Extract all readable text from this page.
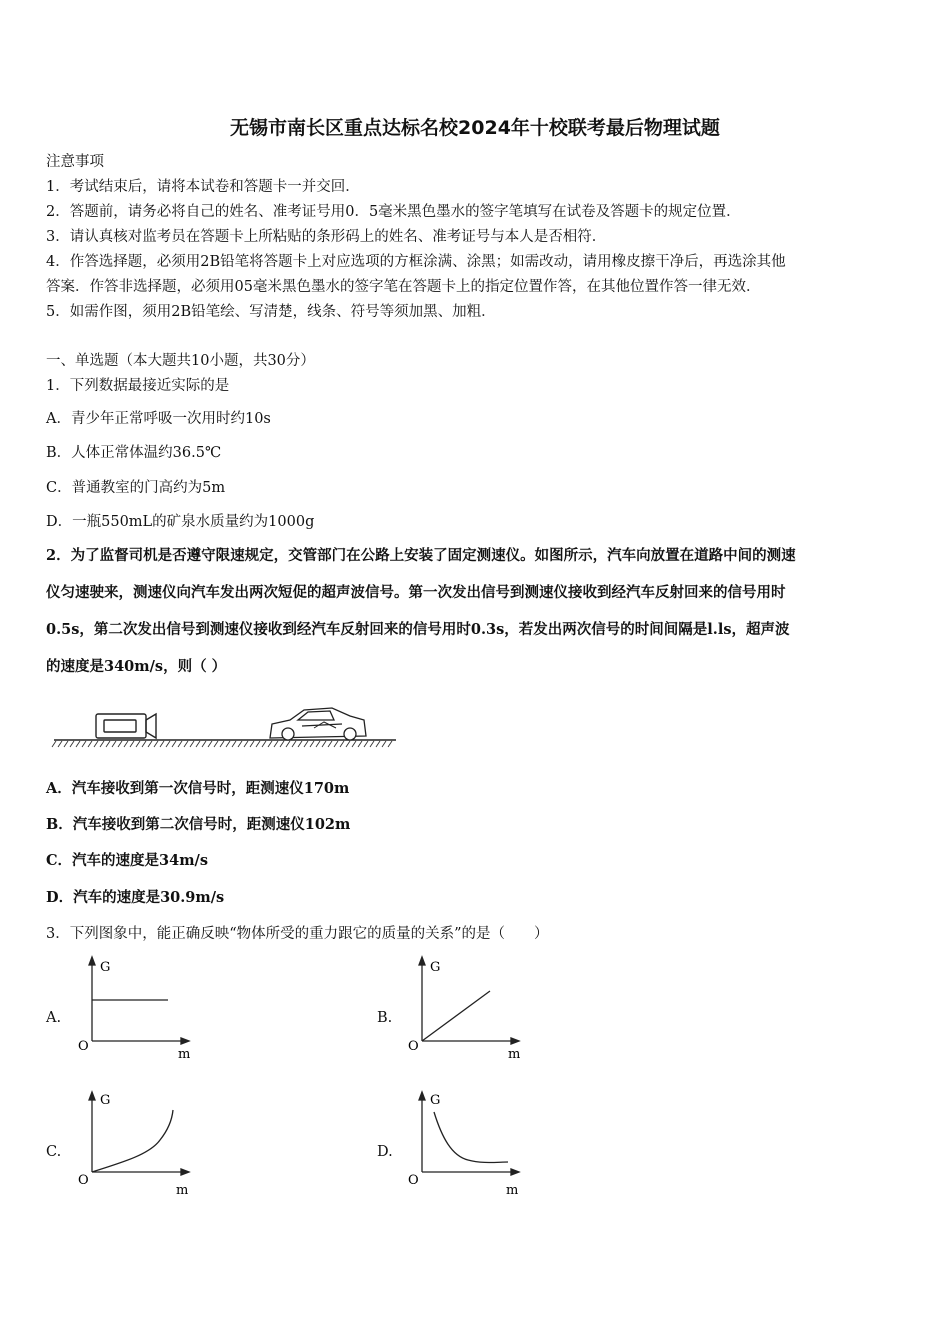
无锡市南长区重点达标名校2024年十校联考最后物理试题
注意事项
1．考试结束后，请将本试卷和答题卡一并交回．
2．答题前，请务必将自己的姓名、准考证号用0．5毫米黑色墨水的签字笔填写在试卷及答题卡的规定位置．
3．请认真核对监考员在答题卡上所粘贴的条形码上的姓名、准考证号与本人是否相符．
4．作答选择题，必须用2B铅笔将答题卡上对应选项的方框涂满、涂黑；如需改动，请用橡皮擦干净后，再选涂其他
答案．作答非选择题，必须用05毫米黑色墨水的签字笔在答题卡上的指定位置作答，在其他位置作答一律无效．
5．如需作图，须用2B铅笔绘、写清楚，线条、符号等须加黑、加粗．
一、单选题（本大题共10小题，共30分）
1．下列数据最接近实际的是
A．青少年正常呼吸一次用时约10s
B．人体正常体温约36.5℃
C．普通教室的门高约为5m
D．一瓶550mL的矿泉水质量约为1000g
2．为了监督司机是否遵守限速规定，交管部门在公路上安装了固定测速仪。如图所示，汽车向放置在道路中间的测速
仪匀速驶来，测速仪向汽车发出两次短促的超声波信号。第一次发出信号到测速仪接收到经汽车反射回来的信号用时
0.5s，第二次发出信号到测速仪接收到经汽车反射回来的信号用时0.3s，若发出两次信号的时间间隔是l.ls，超声波
的速度是340m/s，则（ ）
A．汽车接收到第一次信号时，距测速仪170m
B．汽车接收到第二次信号时，距测速仪102m
C．汽车的速度是34m/s
D．汽车的速度是30.9m/s
3．下列图象中，能正确反映“物体所受的重力跟它的质量的关系”的是（　　）
A.	B.
C.	D.
G
O
m
G
O
m
G
O
m
G
O
m
